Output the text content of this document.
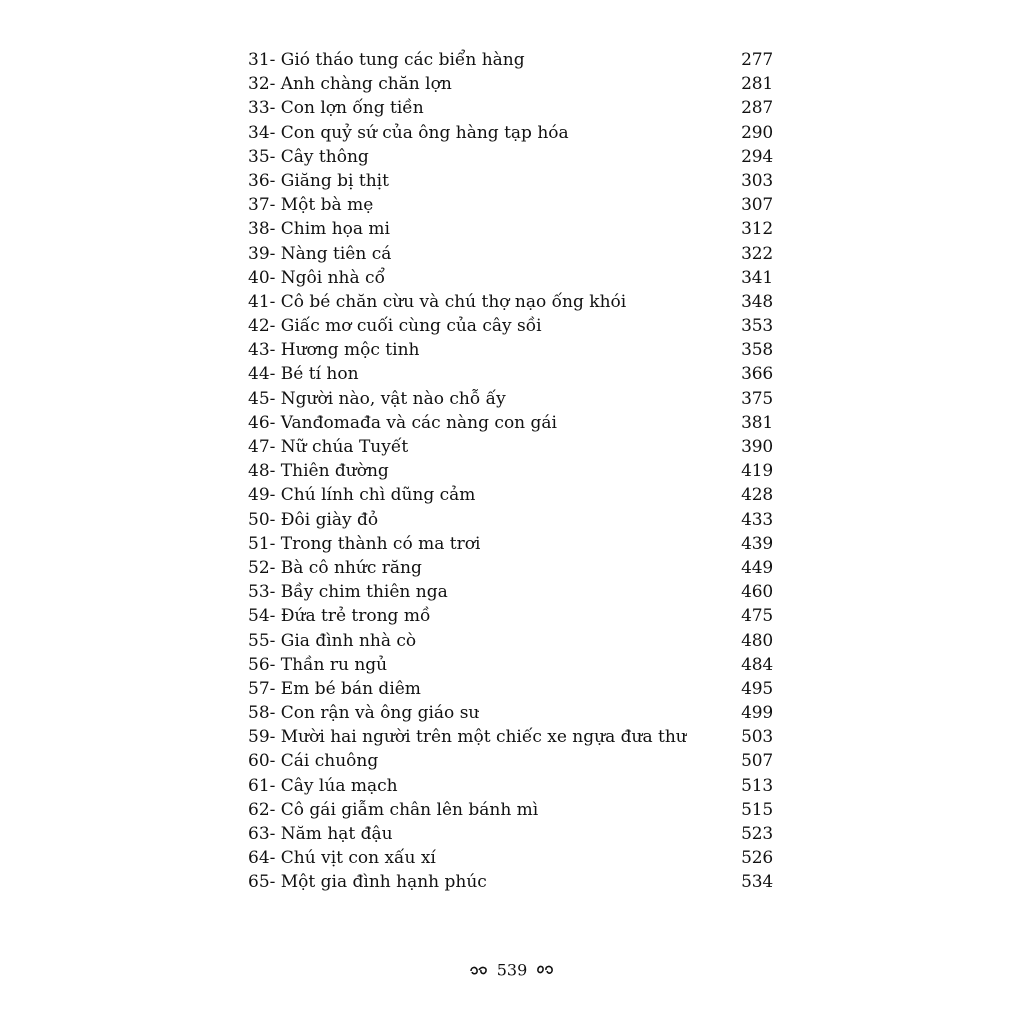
31- Gió tháo tung các biển hàng	277
32- Anh chàng chăn lợn	281
33- Con lợn ống tiền	287
34- Con quỷ sứ của ông hàng tạp hóa	290
35- Cây thông	294
36- Giăng bị thịt	303
37- Một bà mẹ	307
38- Chim họa mi	312
39- Nàng tiên cá	322
40- Ngôi nhà cổ	341
41- Cô bé chăn cừu và chú thợ nạo ống khói	348
42- Giấc mơ cuối cùng của cây sồi	353
43- Hương mộc tinh	358
44- Bé tí hon	366
45- Người nào, vật nào chỗ ấy	375
46- Vanđomađa và các nàng con gái	381
47- Nữ chúa Tuyết	390
48- Thiên đường	419
49- Chú lính chì dũng cảm	428
50- Đôi giày đỏ	433
51- Trong thành có ma trơi	439
52- Bà cô nhức răng	449
53- Bầy chim thiên nga	460
54- Đứa trẻ trong mồ	475
55- Gia đình nhà cò	480
56- Thần ru ngủ	484
57- Em bé bán diêm	495
58- Con rận và ông giáo sư	499
59- Mười hai người trên một chiếc xe ngựa đưa thư	503
60- Cái chuông	507
61- Cây lúa mạch	513
62- Cô gái giẫm chân lên bánh mì	515
63- Năm hạt đậu	523
64- Chú vịt con xấu xí	526
65- Một gia đình hạnh phúc	534
539
